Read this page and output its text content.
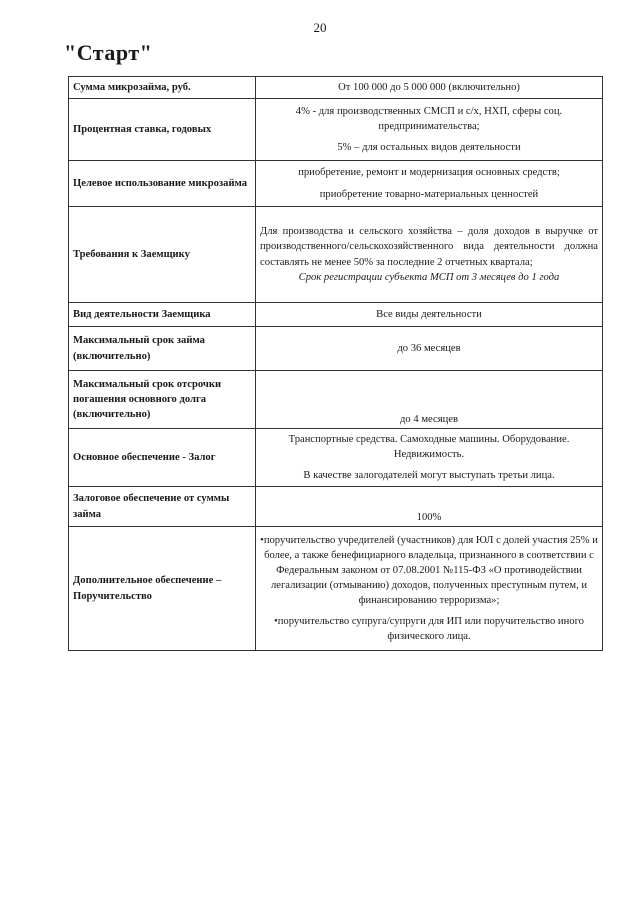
20
"Старт"
Сумма микрозайма, руб.	От 100 000 до 5 000 000 (включительно)

Процентная ставка, годовых	4% - для производственных СМСП и с/х, НХП, сферы соц. предпринимательства;

5% – для остальных видов деятельности

Целевое использование микрозайма	приобретение, ремонт и модернизация основных средств;

приобретение товарно-материальных ценностей

Требования к Заемщику	Для производства и сельского хозяйства – доля доходов в выручке от производственного/сельскохозяйственного вида деятельности должна составлять не менее 50% за последние 2 отчетных квартала;

Срок регистрации субъекта МСП от 3 месяцев до 1 года

Вид деятельности Заемщика	Все виды деятельности

Максимальный срок займа (включительно)	до 36 месяцев

Максимальный срок отсрочки погашения основного долга (включительно)	до 4 месяцев

Основное обеспечение - Залог	Транспортные средства. Самоходные машины. Оборудование. Недвижимость.

В качестве залогодателей могут выступать третьи лица.

Залоговое обеспечение от суммы займа	100%

Дополнительное обеспечение – Поручительство	• поручительство учредителей (участников) для ЮЛ с долей участия 25% и более, а также бенефициарного владельца, признанного в соответствии с Федеральным законом от 07.08.2001 №115-ФЗ «О противодействии легализации (отмыванию) доходов, полученных преступным путем, и финансированию терроризма»;

• поручительство супруга/супруги для ИП или поручительство иного физического лица.
